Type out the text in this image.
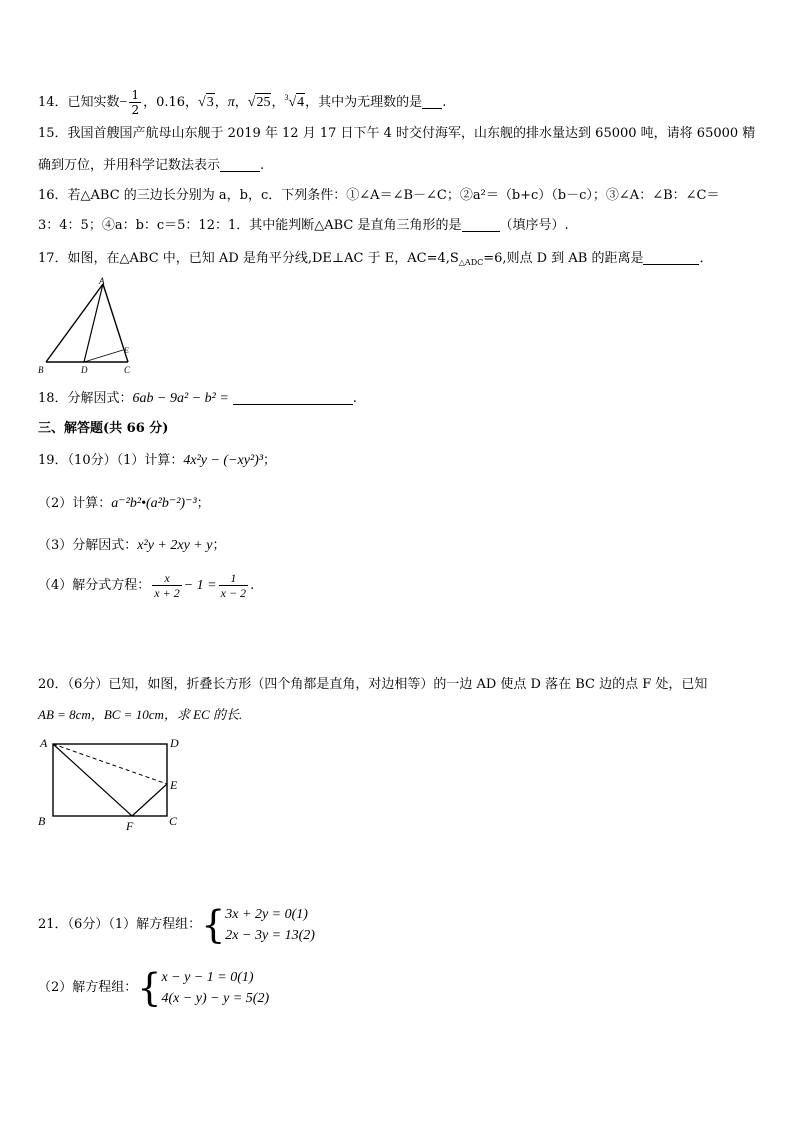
14．已知实数− $\frac{1}{2}$ ，0.16，√3，π，√25，$^3$√4，其中为无理数的是 .
15．我国首艘国产航母山东舰于 2019 年 12 月 17 日下午 4 时交付海军，山东舰的排水量达到 65000 吨，请将 65000 精
确到万位，并用科学记数法表示	.
16．若△ABC 的三边长分别为 a，b，c．下列条件：①∠A＝∠B－∠C；②a²＝（b+c）（b－c）；③∠A：∠B：∠C＝
3：4：5；④a：b：c＝5：12：1．其中能判断△ABC 是直角三角形的是	（填序号）.
17．如图，在△ABC 中，已知 AD 是角平分线,DE⊥AC 于 E，$AC=4,S_{\triangle ADC}=6$,则点 D 到 AB 的距离是	．
A
B	D	C
E
18．分解因式：6ab − 9a² − b² =	.
三、解答题(共 66 分)
19．（10分）（1）计算：4x²y − (−xy²)³；
（2）计算：a⁻²b²•(a²b⁻²)⁻³；
（3）分解因式：x²y + 2xy + y；
（4）解分式方程： $\frac{x}{x + 2} - 1 = \frac{1}{x - 2}$ .
20．（6分）已知，如图，折叠长方形（四个角都是直角，对边相等）的一边 AD 使点 D 落在 BC 边的点 F 处，已知
AB = 8cm，BC = 10cm，求 EC 的长.
A	D
E
B	F	C
21．（6分）（1）解方程组：{ 3x + 2y = 0(1)
2x − 3y = 13(2)
（2）解方程组：{ x − y − 1 = 0(1)
4(x − y) − y = 5(2)
